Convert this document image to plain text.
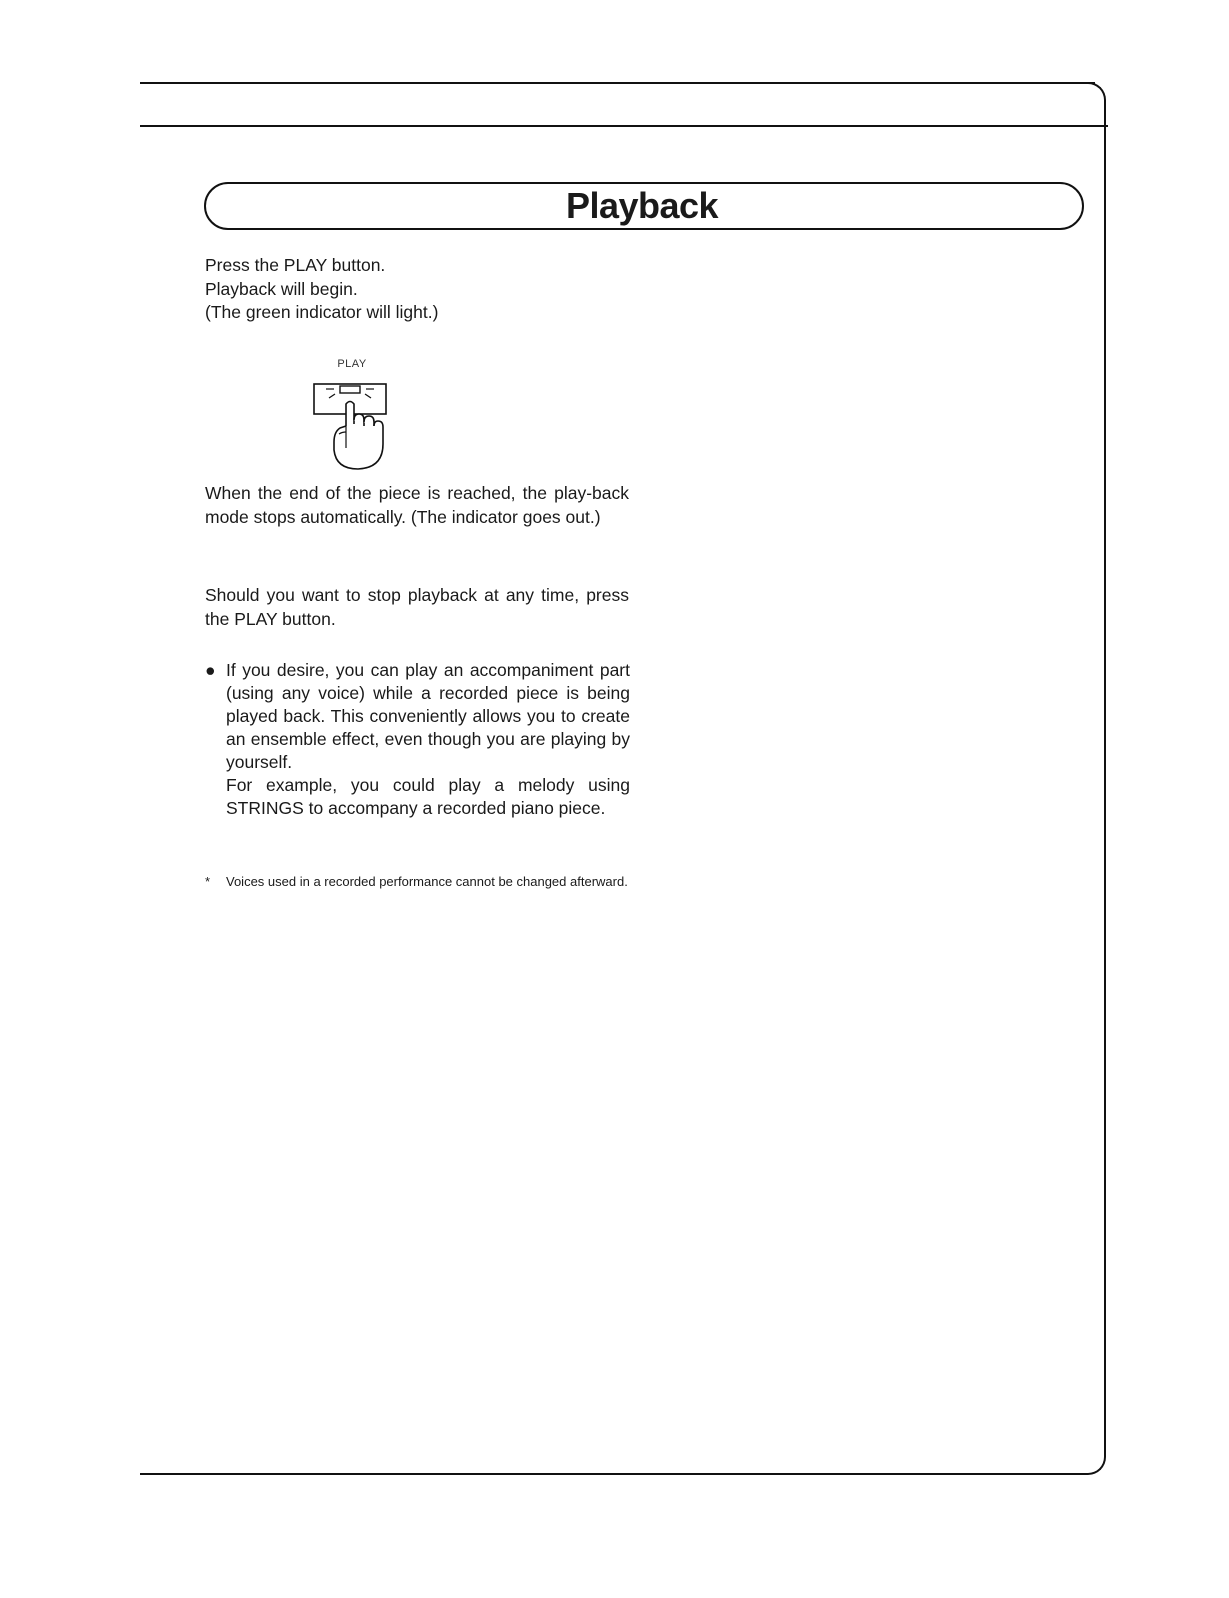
Playback
Press the PLAY button.
Playback will begin.
(The green indicator will light.)
PLAY
When the end of the piece is reached, the play-back mode stops automatically. (The indicator goes out.)
Should you want to stop playback at any time, press the PLAY button.
● If you desire, you can play an accompaniment part (using any voice) while a recorded piece is being played back. This conveniently allows you to create an ensemble effect, even though you are playing by yourself.

For example, you could play a melody using STRINGS to accompany a recorded piano piece.

*	Voices used in a recorded performance cannot be changed afterward.
